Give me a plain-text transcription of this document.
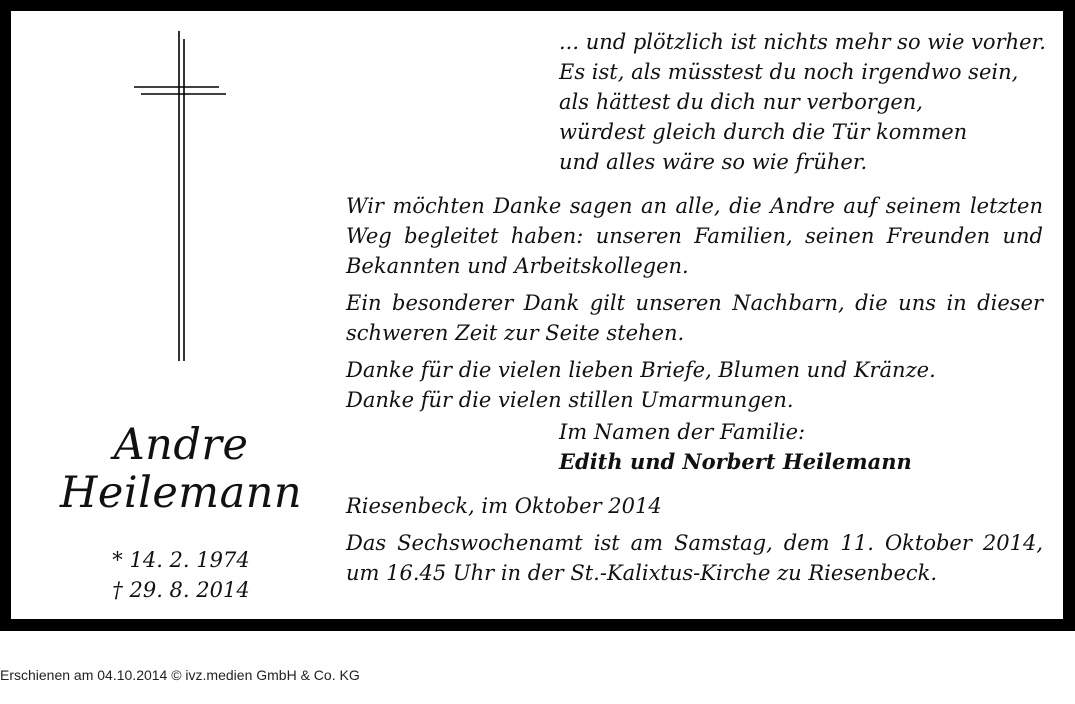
... und plötzlich ist nichts mehr so wie vorher.
Es ist, als müsstest du noch irgendwo sein,
als hättest du dich nur verborgen,
würdest gleich durch die Tür kommen
und alles wäre so wie früher.
Andre
Heilemann
* 14. 2. 1974
† 29. 8. 2014

Wir möchten Danke sagen an alle, die Andre auf seinem letzten Weg begleitet haben: unseren Familien, seinen Freunden und Bekannten und Arbeitskollegen.

Ein besonderer Dank gilt unseren Nachbarn, die uns in dieser schweren Zeit zur Seite stehen.

Danke für die vielen lieben Briefe, Blumen und Kränze.

Danke für die vielen stillen Umarmungen.

Im Namen der Familie:

Edith und Norbert Heilemann

Riesenbeck, im Oktober 2014

Das Sechswochenamt ist am Samstag, dem 11. Oktober 2014, um 16.45 Uhr in der St.-Kalixtus-Kirche zu Riesenbeck.

Erschienen am 04.10.2014 © ivz.medien GmbH & Co. KG
